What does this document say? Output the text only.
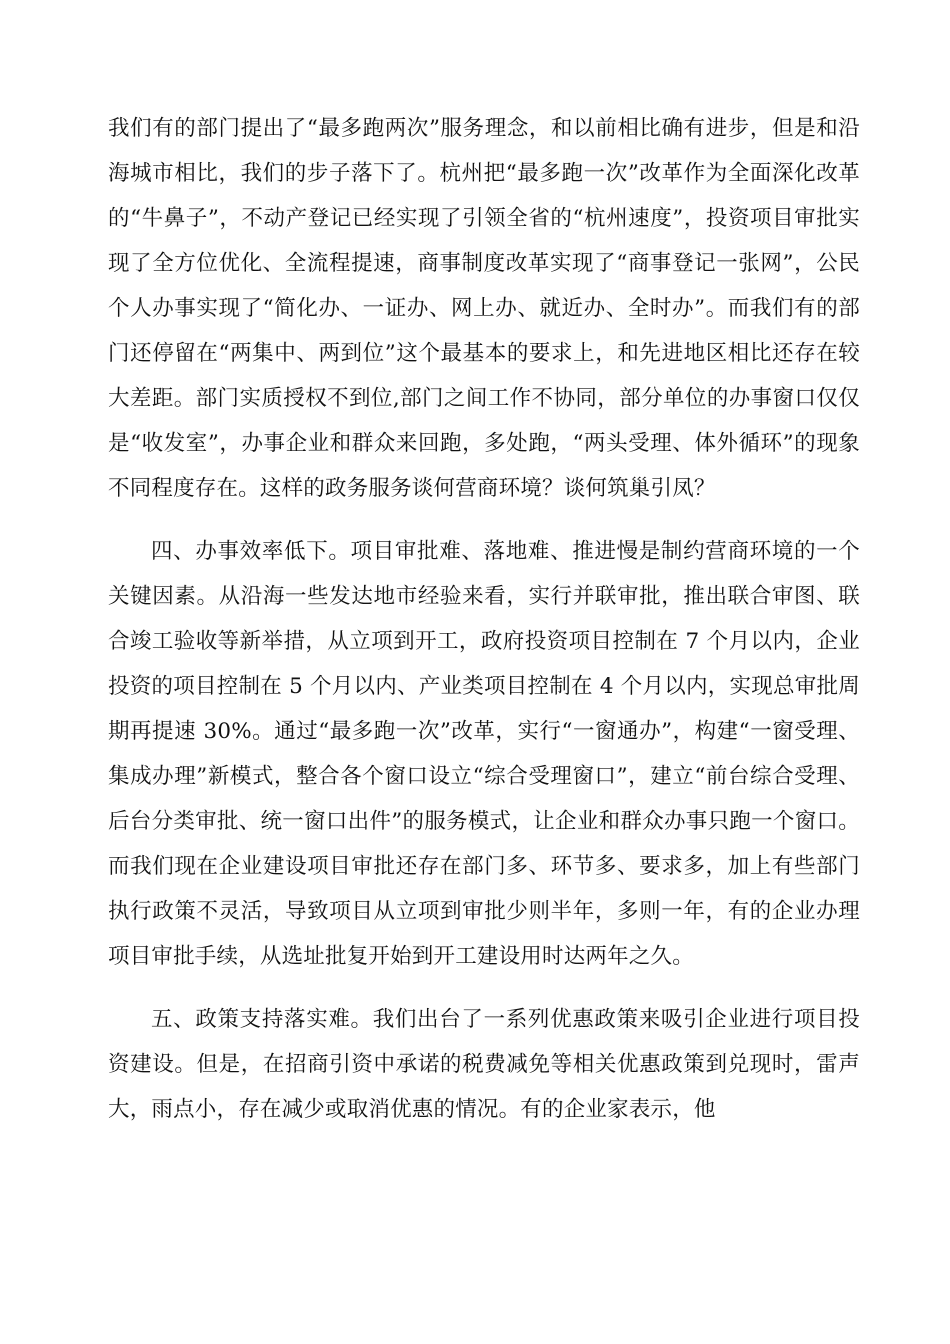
我们有的部门提出了“最多跑两次”服务理念，和以前相比确有进步，但是和沿海城市相比，我们的步子落下了。杭州把“最多跑一次”改革作为全面深化改革的“牛鼻子”，不动产登记已经实现了引领全省的“杭州速度”，投资项目审批实现了全方位优化、全流程提速，商事制度改革实现了“商事登记一张网”，公民个人办事实现了“简化办、一证办、网上办、就近办、全时办”。而我们有的部门还停留在“两集中、两到位”这个最基本的要求上，和先进地区相比还存在较大差距。部门实质授权不到位,部门之间工作不协同，部分单位的办事窗口仅仅是“收发室”，办事企业和群众来回跑，多处跑，“两头受理、体外循环”的现象不同程度存在。这样的政务服务谈何营商环境？谈何筑巢引凤？

四、办事效率低下。项目审批难、落地难、推进慢是制约营商环境的一个关键因素。从沿海一些发达地市经验来看，实行并联审批，推出联合审图、联合竣工验收等新举措，从立项到开工，政府投资项目控制在 7 个月以内，企业投资的项目控制在 5 个月以内、产业类项目控制在 4 个月以内，实现总审批周期再提速 30%。通过“最多跑一次”改革，实行“一窗通办”，构建“一窗受理、集成办理”新模式，整合各个窗口设立“综合受理窗口”，建立“前台综合受理、后台分类审批、统一窗口出件”的服务模式，让企业和群众办事只跑一个窗口。而我们现在企业建设项目审批还存在部门多、环节多、要求多，加上有些部门执行政策不灵活，导致项目从立项到审批少则半年，多则一年，有的企业办理项目审批手续，从选址批复开始到开工建设用时达两年之久。

五、政策支持落实难。我们出台了一系列优惠政策来吸引企业进行项目投资建设。但是，在招商引资中承诺的税费减免等相关优惠政策到兑现时，雷声大，雨点小，存在减少或取消优惠的情况。有的企业家表示，他
